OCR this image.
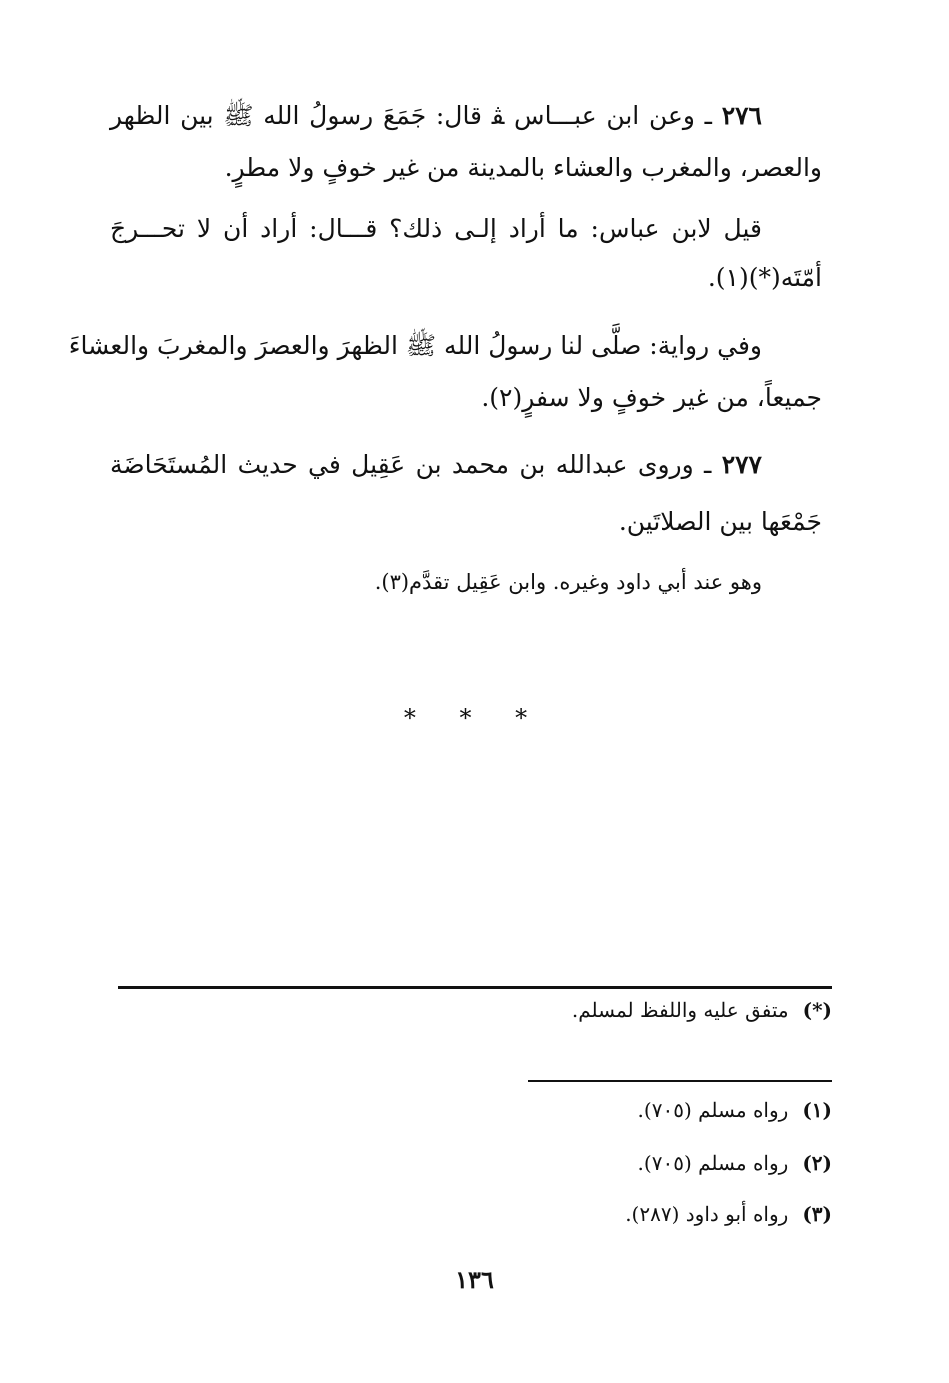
٢٧٦ ـ وعن ابن عبـــاس ﭭ قال: جَمَعَ رسولُ الله ﷺ بين الظهر
والعصر، والمغرب والعشاء بالمدينة من غير خوفٍ ولا مطرٍ.
قيل لابن عباس: ما أراد إلـى ذلك؟ قـــال: أراد أن لا تحـــرجَ
أمّتَه(*)(١).
وفي رواية: صلَّى لنا رسولُ الله ﷺ الظهرَ والعصرَ والمغربَ والعشاءَ
جميعاً، من غير خوفٍ ولا سفرٍ(٢).
٢٧٧ ـ وروى عبدالله بن محمد بن عَقِيل في حديث المُستَحَاضَة
جَمْعَها بين الصلاتَين.
وهو عند أبي داود وغيره. وابن عَقِيل تقدَّم(٣).
* * *
(*)متفق عليه واللفظ لمسلم.
(١)رواه مسلم (٧٠٥).
(٢)رواه مسلم (٧٠٥).
(٣)رواه أبو داود (٢٨٧).
١٣٦
